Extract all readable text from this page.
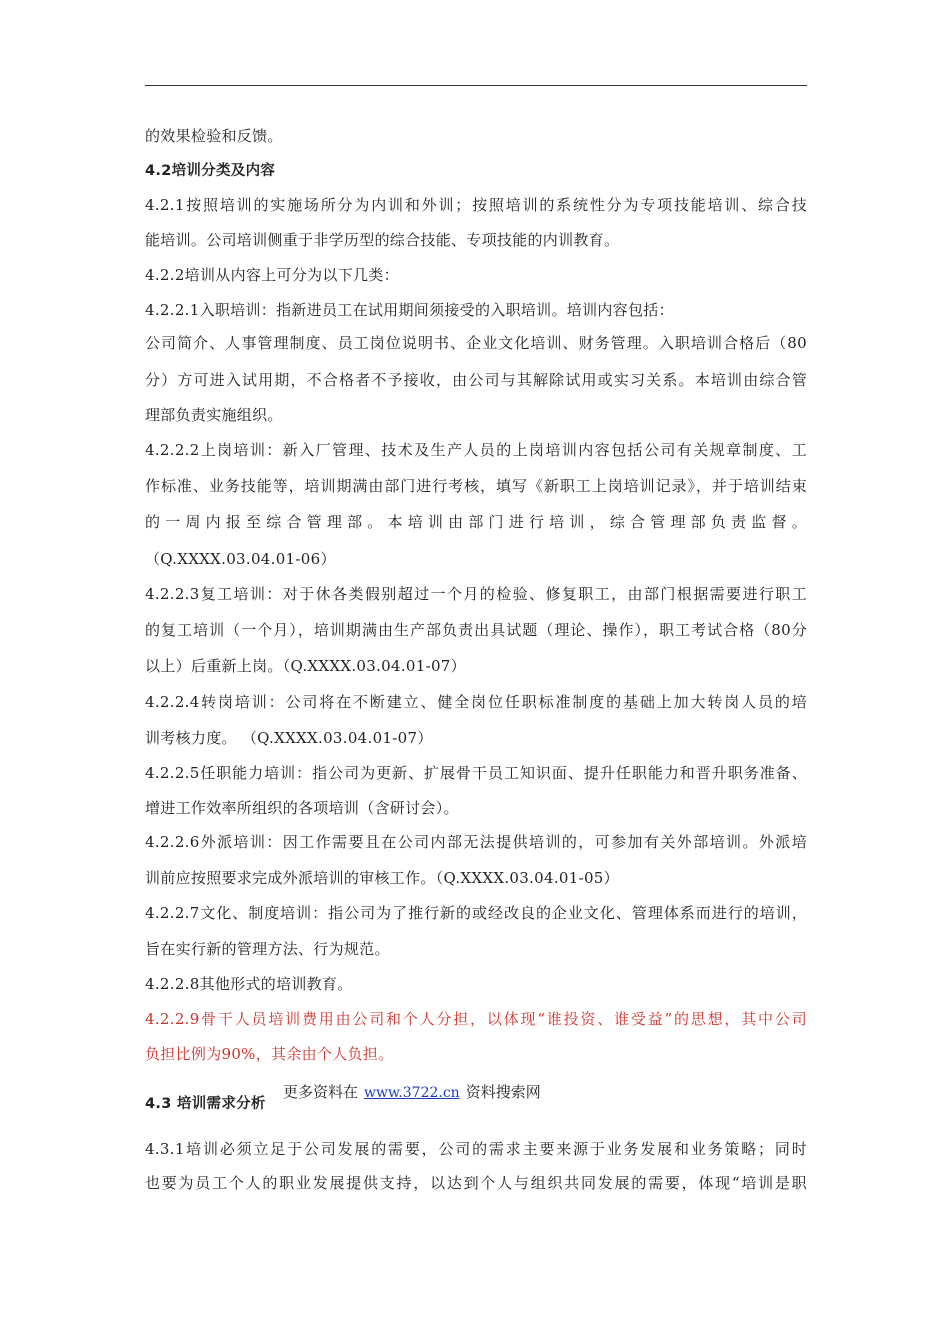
的效果检验和反馈。
4.2培训分类及内容
4.2.1按照培训的实施场所分为内训和外训；按照培训的系统性分为专项技能培训、综合技
能培训。公司培训侧重于非学历型的综合技能、专项技能的内训教育。
4.2.2培训从内容上可分为以下几类：
4.2.2.1入职培训：指新进员工在试用期间须接受的入职培训。培训内容包括：
公司简介、人事管理制度、员工岗位说明书、企业文化培训、财务管理。入职培训合格后（80
分）方可进入试用期，不合格者不予接收，由公司与其解除试用或实习关系。本培训由综合管
理部负责实施组织。
4.2.2.2上岗培训：新入厂管理、技术及生产人员的上岗培训内容包括公司有关规章制度、工
作标准、业务技能等，培训期满由部门进行考核，填写《新职工上岗培训记录》，并于培训结束
的一周内报至综合管理部。本培训由部门进行培训，综合管理部负责监督。
（Q.XXXX.03.04.01-06）
4.2.2.3复工培训：对于休各类假别超过一个月的检验、修复职工，由部门根据需要进行职工
的复工培训（一个月），培训期满由生产部负责出具试题（理论、操作），职工考试合格（80分
以上）后重新上岗。（Q.XXXX.03.04.01-07）
4.2.2.4转岗培训：公司将在不断建立、健全岗位任职标准制度的基础上加大转岗人员的培
训考核力度。 （Q.XXXX.03.04.01-07）
4.2.2.5任职能力培训：指公司为更新、扩展骨干员工知识面、提升任职能力和晋升职务准备、
增进工作效率所组织的各项培训（含研讨会）。
4.2.2.6外派培训：因工作需要且在公司内部无法提供培训的，可参加有关外部培训。外派培
训前应按照要求完成外派培训的审核工作。（Q.XXXX.03.04.01-05）
4.2.2.7文化、制度培训：指公司为了推行新的或经改良的企业文化、管理体系而进行的培训，
旨在实行新的管理方法、行为规范。
4.2.2.8其他形式的培训教育。
4.2.2.9骨干人员培训费用由公司和个人分担，以体现“谁投资、谁受益”的思想，其中公司
负担比例为90%，其余由个人负担。
4.3 培训需求分析
更多资料在 www.3722.cn 资料搜索网
4.3.1培训必须立足于公司发展的需要，公司的需求主要来源于业务发展和业务策略；同时
也要为员工个人的职业发展提供支持，以达到个人与组织共同发展的需要，体现“培训是职
